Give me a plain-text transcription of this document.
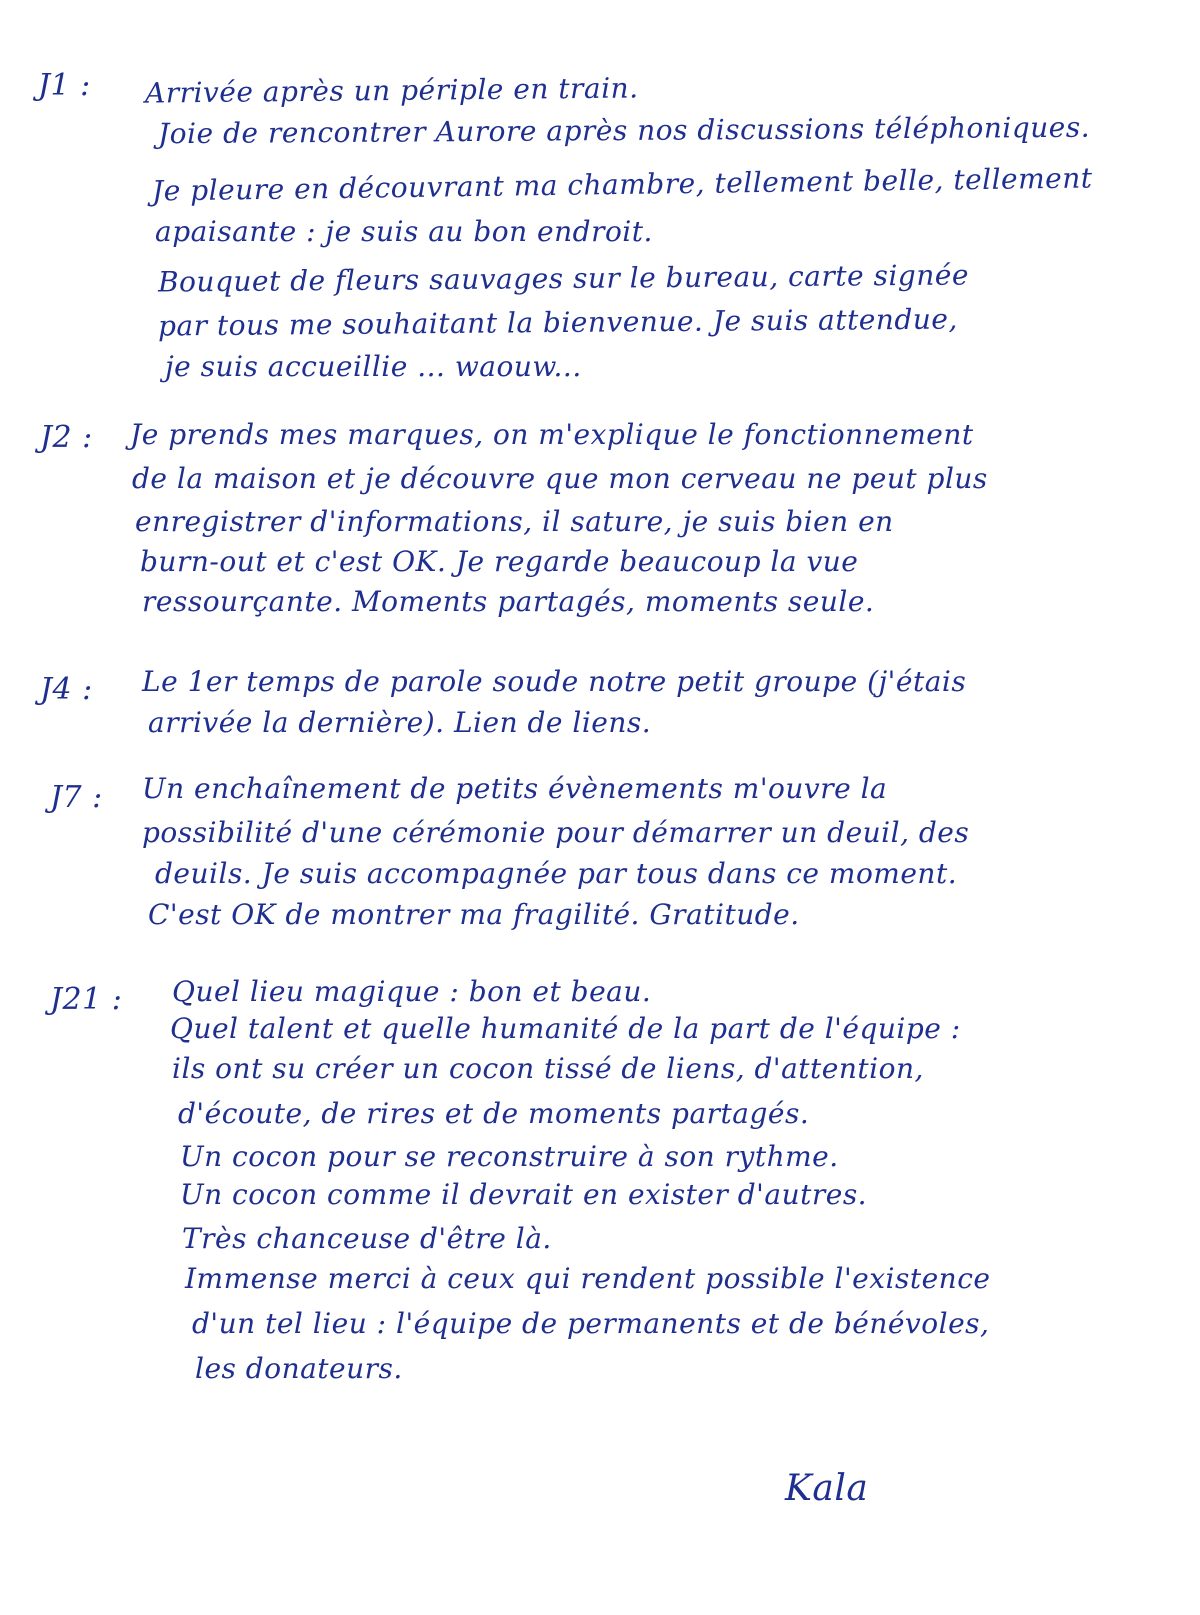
J1 : Arrivée après un périple en train.
Joie de rencontrer Aurore après nos discussions téléphoniques.
Je pleure en découvrant ma chambre, tellement belle, tellement
apaisante : je suis au bon endroit.
Bouquet de fleurs sauvages sur le bureau, carte signée
par tous me souhaitant la bienvenue. Je suis attendue,
je suis accueillie ... waouw...
J2 : Je prends mes marques, on m'explique le fonctionnement
de la maison et je découvre que mon cerveau ne peut plus
enregistrer d'informations, il sature, je suis bien en
burn-out et c'est OK. Je regarde beaucoup la vue
ressourçante. Moments partagés, moments seule.
J4 : Le 1er temps de parole soude notre petit groupe (j'étais
arrivée la dernière). Lien de liens.
J7 : Un enchaînement de petits évènements m'ouvre la
possibilité d'une cérémonie pour démarrer un deuil, des
deuils. Je suis accompagnée par tous dans ce moment.
C'est OK de montrer ma fragilité. Gratitude.
J21 : Quel lieu magique : bon et beau.
Quel talent et quelle humanité de la part de l'équipe :
ils ont su créer un cocon tissé de liens, d'attention,
d'écoute, de rires et de moments partagés.
Un cocon pour se reconstruire à son rythme.
Un cocon comme il devrait en exister d'autres.
Très chanceuse d'être là.
Immense merci à ceux qui rendent possible l'existence
d'un tel lieu : l'équipe de permanents et de bénévoles,
les donateurs.
Kala
